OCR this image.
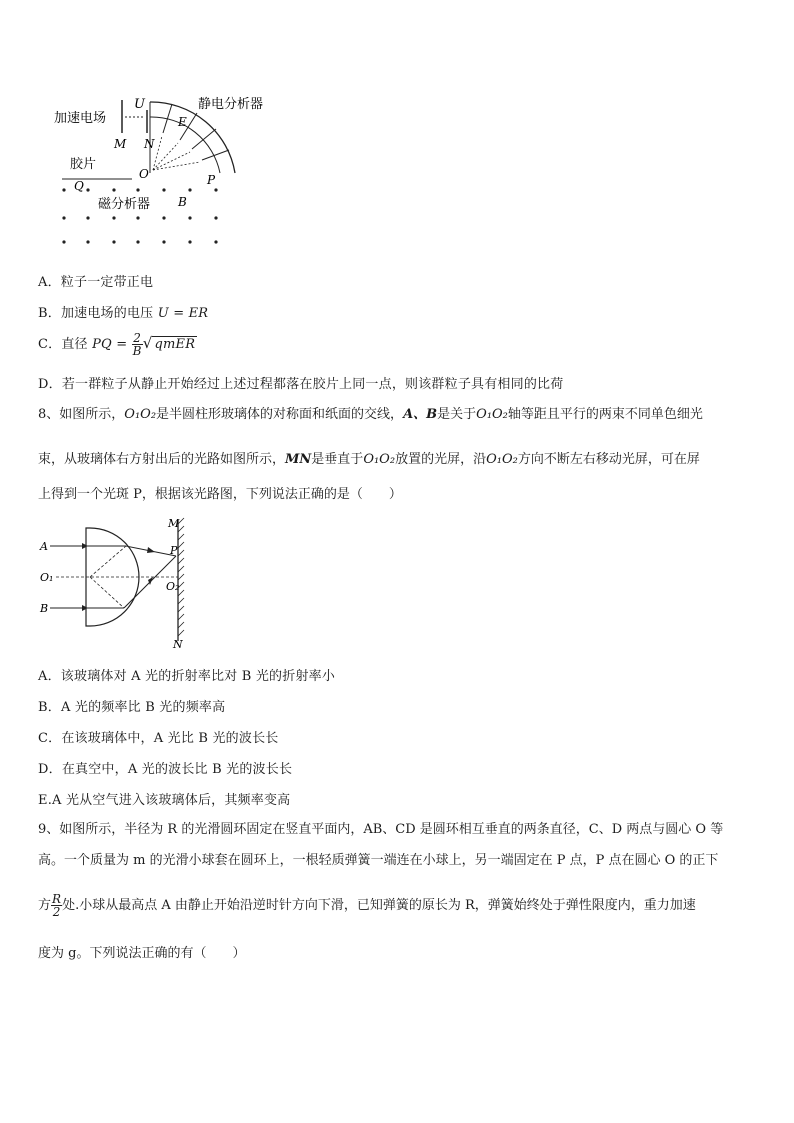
加速电场
U
M N
E
O	P
静电分析器
胶片
Q
磁分析器 B
A．粒子一定带正电
B．加速电场的电压 U = ER
C．直径 PQ = $\frac{2}{B}$ √ qmER
D．若一群粒子从静止开始经过上述过程都落在胶片上同一点，则该群粒子具有相同的比荷
8、如图所示，O₁O₂是半圆柱形玻璃体的对称面和纸面的交线，A、B是关于O₁O₂轴等距且平行的两束不同单色细光
束，从玻璃体右方射出后的光路如图所示，MN是垂直于O₁O₂放置的光屏，沿O₁O₂方向不断左右移动光屏，可在屏
上得到一个光斑 P，根据该光路图，下列说法正确的是（　　）
M
A	P
O₁
O₂
B
N
A．该玻璃体对 A 光的折射率比对 B 光的折射率小
B．A 光的频率比 B 光的频率高
C．在该玻璃体中，A 光比 B 光的波长长
D．在真空中，A 光的波长比 B 光的波长长
E.A 光从空气进入该玻璃体后，其频率变高
9、如图所示，半径为 R 的光滑圆环固定在竖直平面内，AB、CD 是圆环相互垂直的两条直径，C、D 两点与圆心 O 等
高。一个质量为 m 的光滑小球套在圆环上，一根轻质弹簧一端连在小球上，另一端固定在 P 点，P 点在圆心 O 的正下
方 $\frac{R}{2}$ 处.小球从最高点 A 由静止开始沿逆时针方向下滑，已知弹簧的原长为 R，弹簧始终处于弹性限度内，重力加速
度为 g。下列说法正确的有（　　）
